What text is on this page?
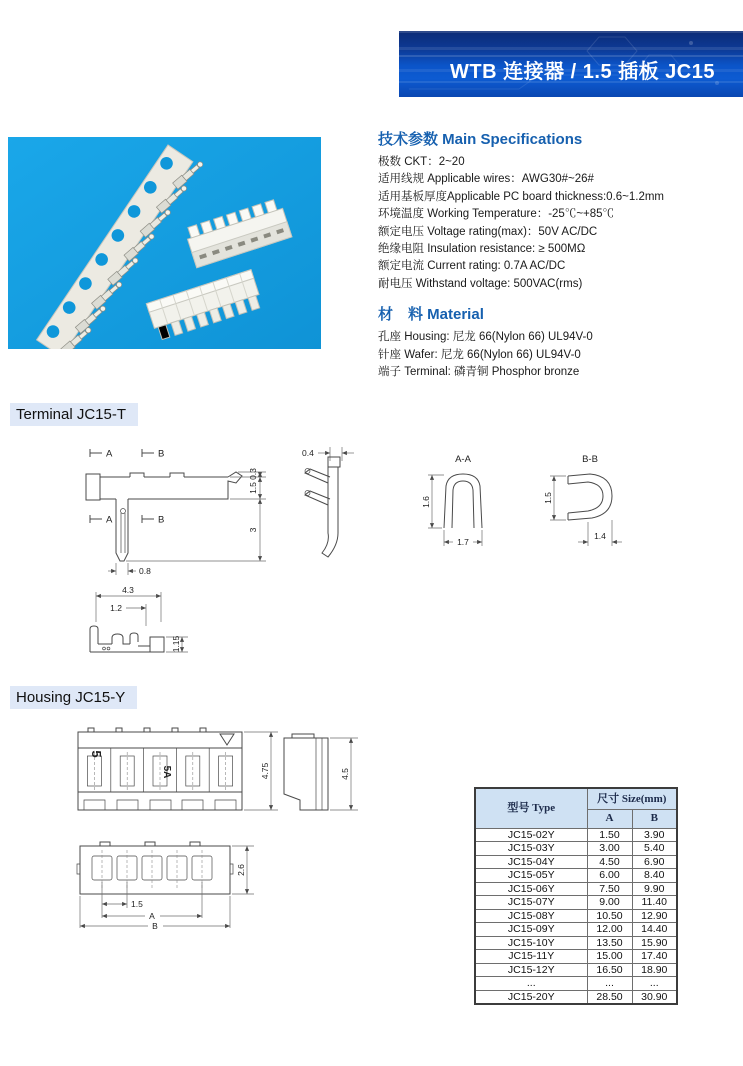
WTB 连接器 / 1.5 插板 JC15
技术参数 Main Specifications
极数 CKT：2~20
适用线规 Applicable wires：AWG30#~26#
适用基板厚度Applicable PC board thickness:0.6~1.2mm
环境温度 Working Temperature：-25℃~+85℃
额定电压 Voltage rating(max)：50V AC/DC
绝缘电阻 Insulation resistance: ≥ 500MΩ
额定电流 Current rating: 0.7A AC/DC
耐电压 Withstand voltage: 500VAC(rms)
材　料 Material
孔座 Housing: 尼龙 66(Nylon 66) UL94V-0
针座 Wafer: 尼龙 66(Nylon 66) UL94V-0
端子 Terminal: 磷青铜 Phosphor bronze
Terminal JC15-T
Housing JC15-Y
A	B
A	B
0.3
1.5
3
0.8
0.4
A-A
1.6
1.7
B-B
1.5
1.4
4.3
1.2
1.15
5
5A	4.75	4.5
1.5
A
B
2.6
型号 Type	尺寸 Size(mm)	
	A	B
JC15-02Y	1.50	3.90
JC15-03Y	3.00	5.40
JC15-04Y	4.50	6.90
JC15-05Y	6.00	8.40
JC15-06Y	7.50	9.90
JC15-07Y	9.00	11.40
JC15-08Y	10.50	12.90
JC15-09Y	12.00	14.40
JC15-10Y	13.50	15.90
JC15-11Y	15.00	17.40
JC15-12Y	16.50	18.90
...	...	...
JC15-20Y	28.50	30.90
